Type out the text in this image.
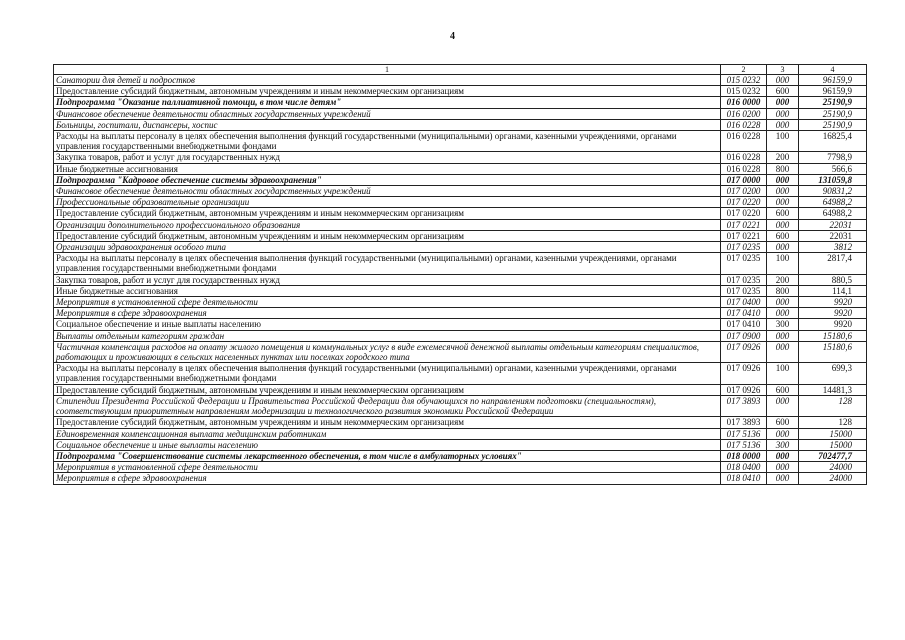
4
1	2	3	4
Санатории для детей и подростков	015 0232	000	96159,9
Предоставление субсидий бюджетным, автономным учреждениям и иным некоммерческим организациям	015 0232	600	96159,9
Подпрограмма "Оказание паллиативной помощи, в том числе детям"	016 0000	000	25190,9
Финансовое обеспечение деятельности областных государственных учреждений	016 0200	000	25190,9
Больницы, госпитали, диспансеры, хоспис	016 0228	000	25190,9
Расходы на выплаты персоналу в целях обеспечения выполнения функций государственными (муниципальными) органами, казенными учреждениями, органами управления государственными внебюджетными фондами	016 0228	100	16825,4
Закупка товаров, работ и услуг для государственных нужд	016 0228	200	7798,9
Иные бюджетные ассигнования	016 0228	800	566,6
Подпрограмма "Кадровое обеспечение системы здравоохранения"	017 0000	000	131059,8
Финансовое обеспечение деятельности областных государственных учреждений	017 0200	000	90831,2
Профессиональные образовательные организации	017 0220	000	64988,2
Предоставление субсидий бюджетным, автономным учреждениям и иным некоммерческим организациям	017 0220	600	64988,2
Организации дополнительного профессионального образования	017 0221	000	22031
Предоставление субсидий бюджетным, автономным учреждениям и иным некоммерческим организациям	017 0221	600	22031
Организации здравоохранения особого типа	017 0235	000	3812
Расходы на выплаты персоналу в целях обеспечения выполнения функций государственными (муниципальными) органами, казенными учреждениями, органами управления государственными внебюджетными фондами	017 0235	100	2817,4
Закупка товаров, работ и услуг для государственных нужд	017 0235	200	880,5
Иные бюджетные ассигнования	017 0235	800	114,1
Мероприятия в установленной сфере деятельности	017 0400	000	9920
Мероприятия в сфере здравоохранения	017 0410	000	9920
Социальное обеспечение и иные выплаты населению	017 0410	300	9920
Выплаты отдельным категориям граждан	017 0900	000	15180,6
Частичная компенсация расходов на оплату жилого помещения и коммунальных услуг в виде ежемесячной денежной выплаты отдельным категориям специалистов, работающих и проживающих в сельских населенных пунктах или поселках городского типа	017 0926	000	15180,6
Расходы на выплаты персоналу в целях обеспечения выполнения функций государственными (муниципальными) органами, казенными учреждениями, органами управления государственными внебюджетными фондами	017 0926	100	699,3
Предоставление субсидий бюджетным, автономным учреждениям и иным некоммерческим организациям	017 0926	600	14481,3
Стипендии Президента Российской Федерации и Правительства Российской Федерации для обучающихся по направлениям подготовки (специальностям), соответствующим приоритетным направлениям модернизации и технологического развития экономики Российской Федерации	017 3893	000	128
Предоставление субсидий бюджетным, автономным учреждениям и иным некоммерческим организациям	017 3893	600	128
Единовременная компенсационная выплата медицинским работникам	017 5136	000	15000
Социальное обеспечение и иные выплаты населению	017 5136	300	15000
Подпрограмма "Совершенствование системы лекарственного обеспечения, в том числе в амбулаторных условиях"	018 0000	000	702477,7
Мероприятия в установленной сфере деятельности	018 0400	000	24000
Мероприятия в сфере здравоохранения	018 0410	000	24000
